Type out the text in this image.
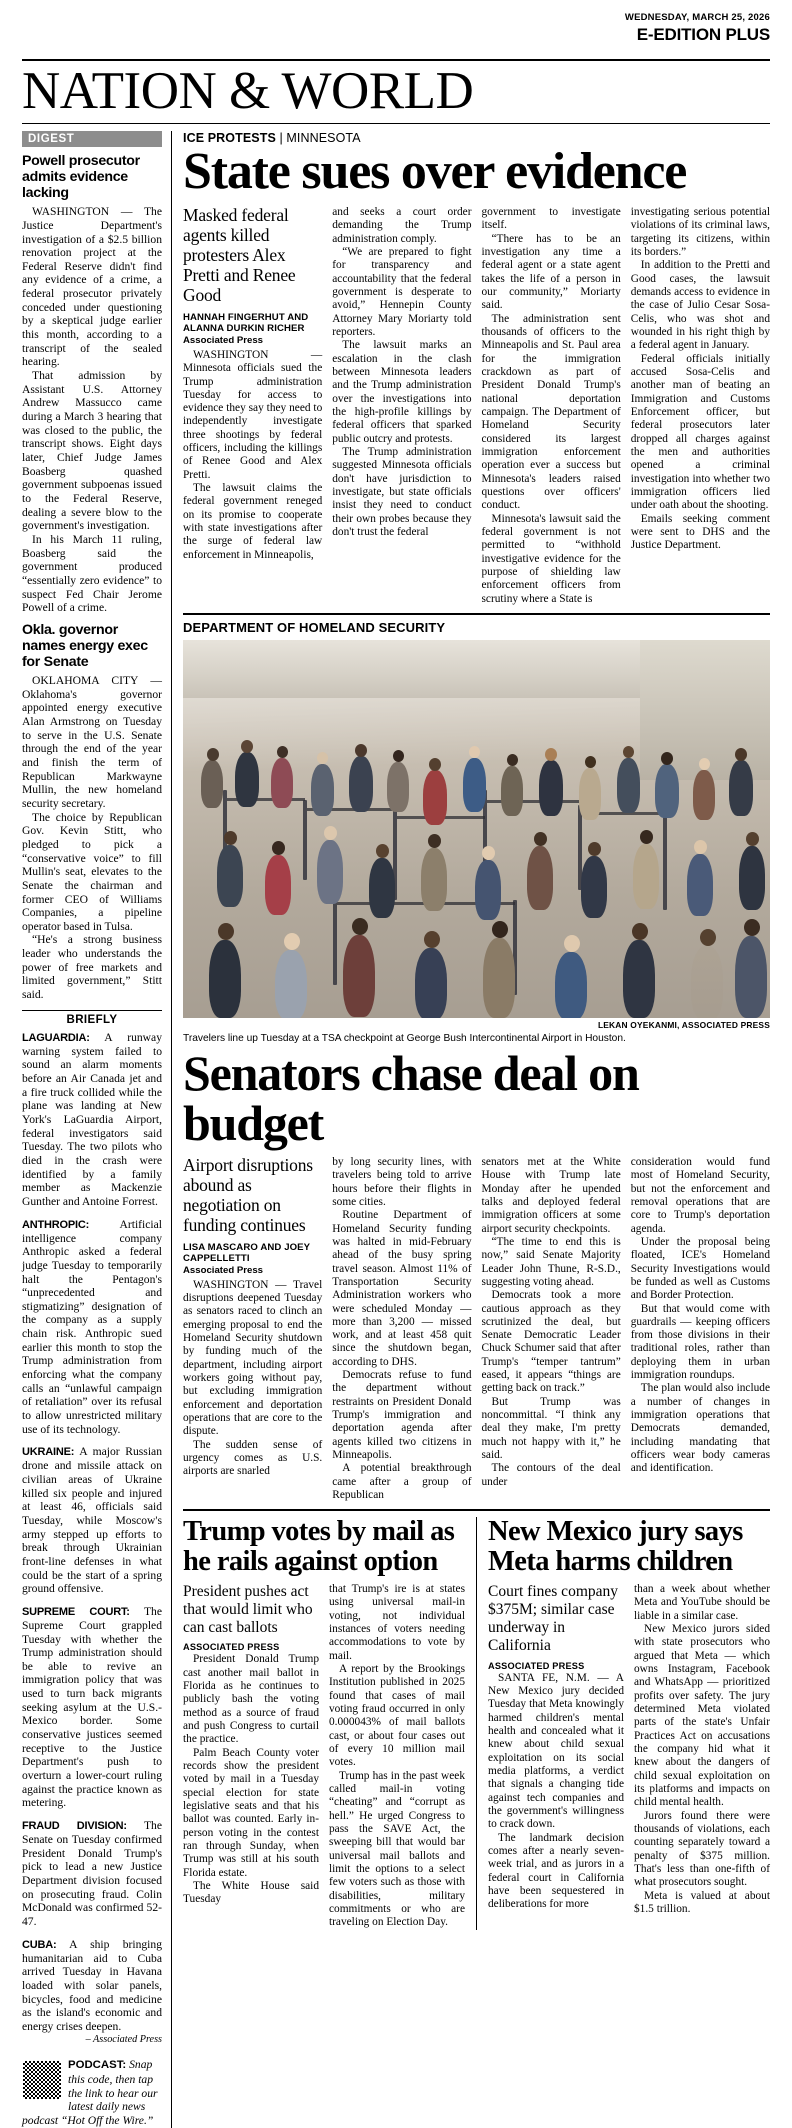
WEDNESDAY, MARCH 25, 2026
E-EDITION PLUS
NATION & WORLD
DIGEST
Powell prosecutor admits evidence lacking

WASHINGTON — The Justice Department's investigation of a $2.5 billion renovation project at the Federal Reserve didn't find any evidence of a crime, a federal prosecutor privately conceded under questioning by a skeptical judge earlier this month, according to a transcript of the sealed hearing.

That admission by Assistant U.S. Attorney Andrew Massucco came during a March 3 hearing that was closed to the public, the transcript shows. Eight days later, Chief Judge James Boasberg quashed government subpoenas issued to the Federal Reserve, dealing a severe blow to the government's investigation.

In his March 11 ruling, Boasberg said the government produced “essentially zero evidence” to suspect Fed Chair Jerome Powell of a crime.

Okla. governor names energy exec for Senate

OKLAHOMA CITY — Oklahoma's governor appointed energy executive Alan Armstrong on Tuesday to serve in the U.S. Senate through the end of the year and finish the term of Republican Markwayne Mullin, the new homeland security secretary.

The choice by Republican Gov. Kevin Stitt, who pledged to pick a “conservative voice” to fill Mullin's seat, elevates to the Senate the chairman and former CEO of Williams Companies, a pipeline operator based in Tulsa.

“He's a strong business leader who understands the power of free markets and limited government,” Stitt said.

BRIEFLY

LAGUARDIA: A runway warning system failed to sound an alarm moments before an Air Canada jet and a fire truck collided while the plane was landing at New York's LaGuardia Airport, federal investigators said Tuesday. The two pilots who died in the crash were identified by a family member as Mackenzie Gunther and Antoine Forrest.

ANTHROPIC: Artificial intelligence company Anthropic asked a federal judge Tuesday to temporarily halt the Pentagon's “unprecedented and stigmatizing” designation of the company as a supply chain risk. Anthropic sued earlier this month to stop the Trump administration from enforcing what the company calls an “unlawful campaign of retaliation” over its refusal to allow unrestricted military use of its technology.

UKRAINE: A major Russian drone and missile attack on civilian areas of Ukraine killed six people and injured at least 46, officials said Tuesday, while Moscow's army stepped up efforts to break through Ukrainian front-line defenses in what could be the start of a spring ground offensive.

SUPREME COURT: The Supreme Court grappled Tuesday with whether the Trump administration should be able to revive an immigration policy that was used to turn back migrants seeking asylum at the U.S.-Mexico border. Some conservative justices seemed receptive to the Justice Department's push to overturn a lower-court ruling against the practice known as metering.

FRAUD DIVISION: The Senate on Tuesday confirmed President Donald Trump's pick to lead a new Justice Department division focused on prosecuting fraud. Colin McDonald was confirmed 52-47.

CUBA: A ship bringing humanitarian aid to Cuba arrived Tuesday in Havana loaded with solar panels, bicycles, food and medicine as the island's economic and energy crises deepen.

– Associated Press
PODCAST: Snap this code, then tap the link to hear our latest daily news podcast “Hot Off the Wire.”
ICE PROTESTS | MINNESOTA
State sues over evidence
Masked federal agents killed protesters Alex Pretti and Renee Good
HANNAH FINGERHUT AND ALANNA DURKIN RICHER
Associated Press

WASHINGTON — Minnesota officials sued the Trump administration Tuesday for access to evidence they say they need to independently investigate three shootings by federal officers, including the killings of Renee Good and Alex Pretti.

The lawsuit claims the federal government reneged on its promise to cooperate with state investigations after the surge of federal law enforcement in Minneapolis,

and seeks a court order demanding the Trump administration comply.

“We are prepared to fight for transparency and accountability that the federal government is desperate to avoid,” Hennepin County Attorney Mary Moriarty told reporters.

The lawsuit marks an escalation in the clash between Minnesota leaders and the Trump administration over the investigations into the high-profile killings by federal officers that sparked public outcry and protests.

The Trump administration suggested Minnesota officials don't have jurisdiction to investigate, but state officials insist they need to conduct their own probes because they don't trust the federal

government to investigate itself.

“There has to be an investigation any time a federal agent or a state agent takes the life of a person in our community,” Moriarty said.

The administration sent thousands of officers to the Minneapolis and St. Paul area for the immigration crackdown as part of President Donald Trump's national deportation campaign. The Department of Homeland Security considered its largest immigration enforcement operation ever a success but Minnesota's leaders raised questions over officers' conduct.

Minnesota's lawsuit said the federal government is not permitted to “withhold investigative evidence for the purpose of shielding law enforcement officers from scrutiny where a State is

investigating serious potential violations of its criminal laws, targeting its citizens, within its borders.”

In addition to the Pretti and Good cases, the lawsuit demands access to evidence in the case of Julio Cesar Sosa-Celis, who was shot and wounded in his right thigh by a federal agent in January.

Federal officials initially accused Sosa-Celis and another man of beating an Immigration and Customs Enforcement officer, but federal prosecutors later dropped all charges against the men and authorities opened a criminal investigation into whether two immigration officers lied under oath about the shooting.

Emails seeking comment were sent to DHS and the Justice Department.

DEPARTMENT OF HOMELAND SECURITY
LEKAN OYEKANMI, ASSOCIATED PRESS
Travelers line up Tuesday at a TSA checkpoint at George Bush Intercontinental Airport in Houston.
Senators chase deal on budget
Airport disruptions abound as negotiation on funding continues
LISA MASCARO AND JOEY CAPPELLETTI
Associated Press

WASHINGTON — Travel disruptions deepened Tuesday as senators raced to clinch an emerging proposal to end the Homeland Security shutdown by funding much of the department, including airport workers going without pay, but excluding immigration enforcement and deportation operations that are core to the dispute.

The sudden sense of urgency comes as U.S. airports are snarled

by long security lines, with travelers being told to arrive hours before their flights in some cities.

Routine Department of Homeland Security funding was halted in mid-February ahead of the busy spring travel season. Almost 11% of Transportation Security Administration workers who were scheduled Monday — more than 3,200 — missed work, and at least 458 quit since the shutdown began, according to DHS.

Democrats refuse to fund the department without restraints on President Donald Trump's immigration and deportation agenda after agents killed two citizens in Minneapolis.

A potential breakthrough came after a group of Republican

senators met at the White House with Trump late Monday after he upended talks and deployed federal immigration officers at some airport security checkpoints.

“The time to end this is now,” said Senate Majority Leader John Thune, R-S.D., suggesting voting ahead.

Democrats took a more cautious approach as they scrutinized the deal, but Senate Democratic Leader Chuck Schumer said that after Trump's “temper tantrum” eased, it appears “things are getting back on track.”

But Trump was noncommittal. “I think any deal they make, I'm pretty much not happy with it,” he said.

The contours of the deal under

consideration would fund most of Homeland Security, but not the enforcement and removal operations that are core to Trump's deportation agenda.

Under the proposal being floated, ICE's Homeland Security Investigations would be funded as well as Customs and Border Protection.

But that would come with guardrails — keeping officers from those divisions in their traditional roles, rather than deploying them in urban immigration roundups.

The plan would also include a number of changes in immigration operations that Democrats demanded, including mandating that officers wear body cameras and identification.

Trump votes by mail as he rails against option
President pushes act that would limit who can cast ballots
ASSOCIATED PRESS

President Donald Trump cast another mail ballot in Florida as he continues to publicly bash the voting method as a source of fraud and push Congress to curtail the practice.

Palm Beach County voter records show the president voted by mail in a Tuesday special election for state legislative seats and that his ballot was counted. Early in-person voting in the contest ran through Sunday, when Trump was still at his south Florida estate.

The White House said Tuesday

that Trump's ire is at states using universal mail-in voting, not individual instances of voters needing accommodations to vote by mail.

A report by the Brookings Institution published in 2025 found that cases of mail voting fraud occurred in only 0.000043% of mail ballots cast, or about four cases out of every 10 million mail votes.

Trump has in the past week called mail-in voting “cheating” and “corrupt as hell.” He urged Congress to pass the SAVE Act, the sweeping bill that would bar universal mail ballots and limit the options to a select few voters such as those with disabilities, military commitments or who are traveling on Election Day.

New Mexico jury says Meta harms children
Court fines company $375M; similar case underway in California
ASSOCIATED PRESS

SANTA FE, N.M. — A New Mexico jury decided Tuesday that Meta knowingly harmed children's mental health and concealed what it knew about child sexual exploitation on its social media platforms, a verdict that signals a changing tide against tech companies and the government's willingness to crack down.

The landmark decision comes after a nearly seven-week trial, and as jurors in a federal court in California have been sequestered in deliberations for more

than a week about whether Meta and YouTube should be liable in a similar case.

New Mexico jurors sided with state prosecutors who argued that Meta — which owns Instagram, Facebook and WhatsApp — prioritized profits over safety. The jury determined Meta violated parts of the state's Unfair Practices Act on accusations the company hid what it knew about the dangers of child sexual exploitation on its platforms and impacts on child mental health.

Jurors found there were thousands of violations, each counting separately toward a penalty of $375 million. That's less than one-fifth of what prosecutors sought.

Meta is valued at about $1.5 trillion.
